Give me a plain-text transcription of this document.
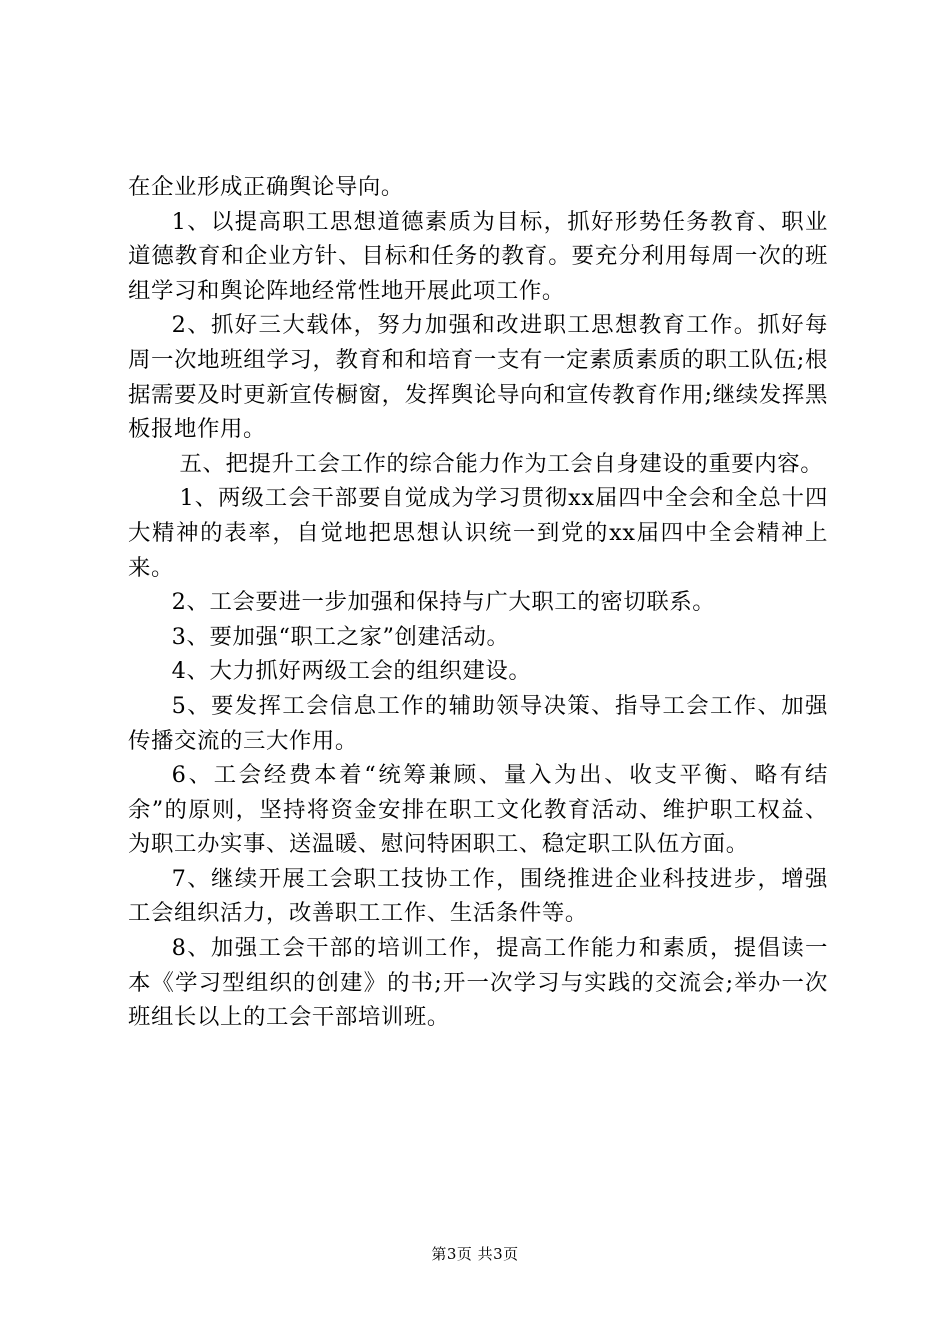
在企业形成正确舆论导向。

1、以提高职工思想道德素质为目标，抓好形势任务教育、职业道德教育和企业方针、目标和任务的教育。要充分利用每周一次的班组学习和舆论阵地经常性地开展此项工作。

2、抓好三大载体，努力加强和改进职工思想教育工作。抓好每周一次地班组学习，教育和和培育一支有一定素质素质的职工队伍;根据需要及时更新宣传橱窗，发挥舆论导向和宣传教育作用;继续发挥黑板报地作用。

五、把提升工会工作的综合能力作为工会自身建设的重要内容。

1、两级工会干部要自觉成为学习贯彻xx届四中全会和全总十四大精神的表率，自觉地把思想认识统一到党的xx届四中全会精神上来。

2、工会要进一步加强和保持与广大职工的密切联系。

3、要加强“职工之家”创建活动。

4、大力抓好两级工会的组织建设。

5、要发挥工会信息工作的辅助领导决策、指导工会工作、加强传播交流的三大作用。

6、工会经费本着“统筹兼顾、量入为出、收支平衡、略有结余”的原则，坚持将资金安排在职工文化教育活动、维护职工权益、为职工办实事、送温暖、慰问特困职工、稳定职工队伍方面。

7、继续开展工会职工技协工作，围绕推进企业科技进步，增强工会组织活力，改善职工工作、生活条件等。

8、加强工会干部的培训工作，提高工作能力和素质，提倡读一本《学习型组织的创建》的书;开一次学习与实践的交流会;举办一次班组长以上的工会干部培训班。

第3页 共3页
